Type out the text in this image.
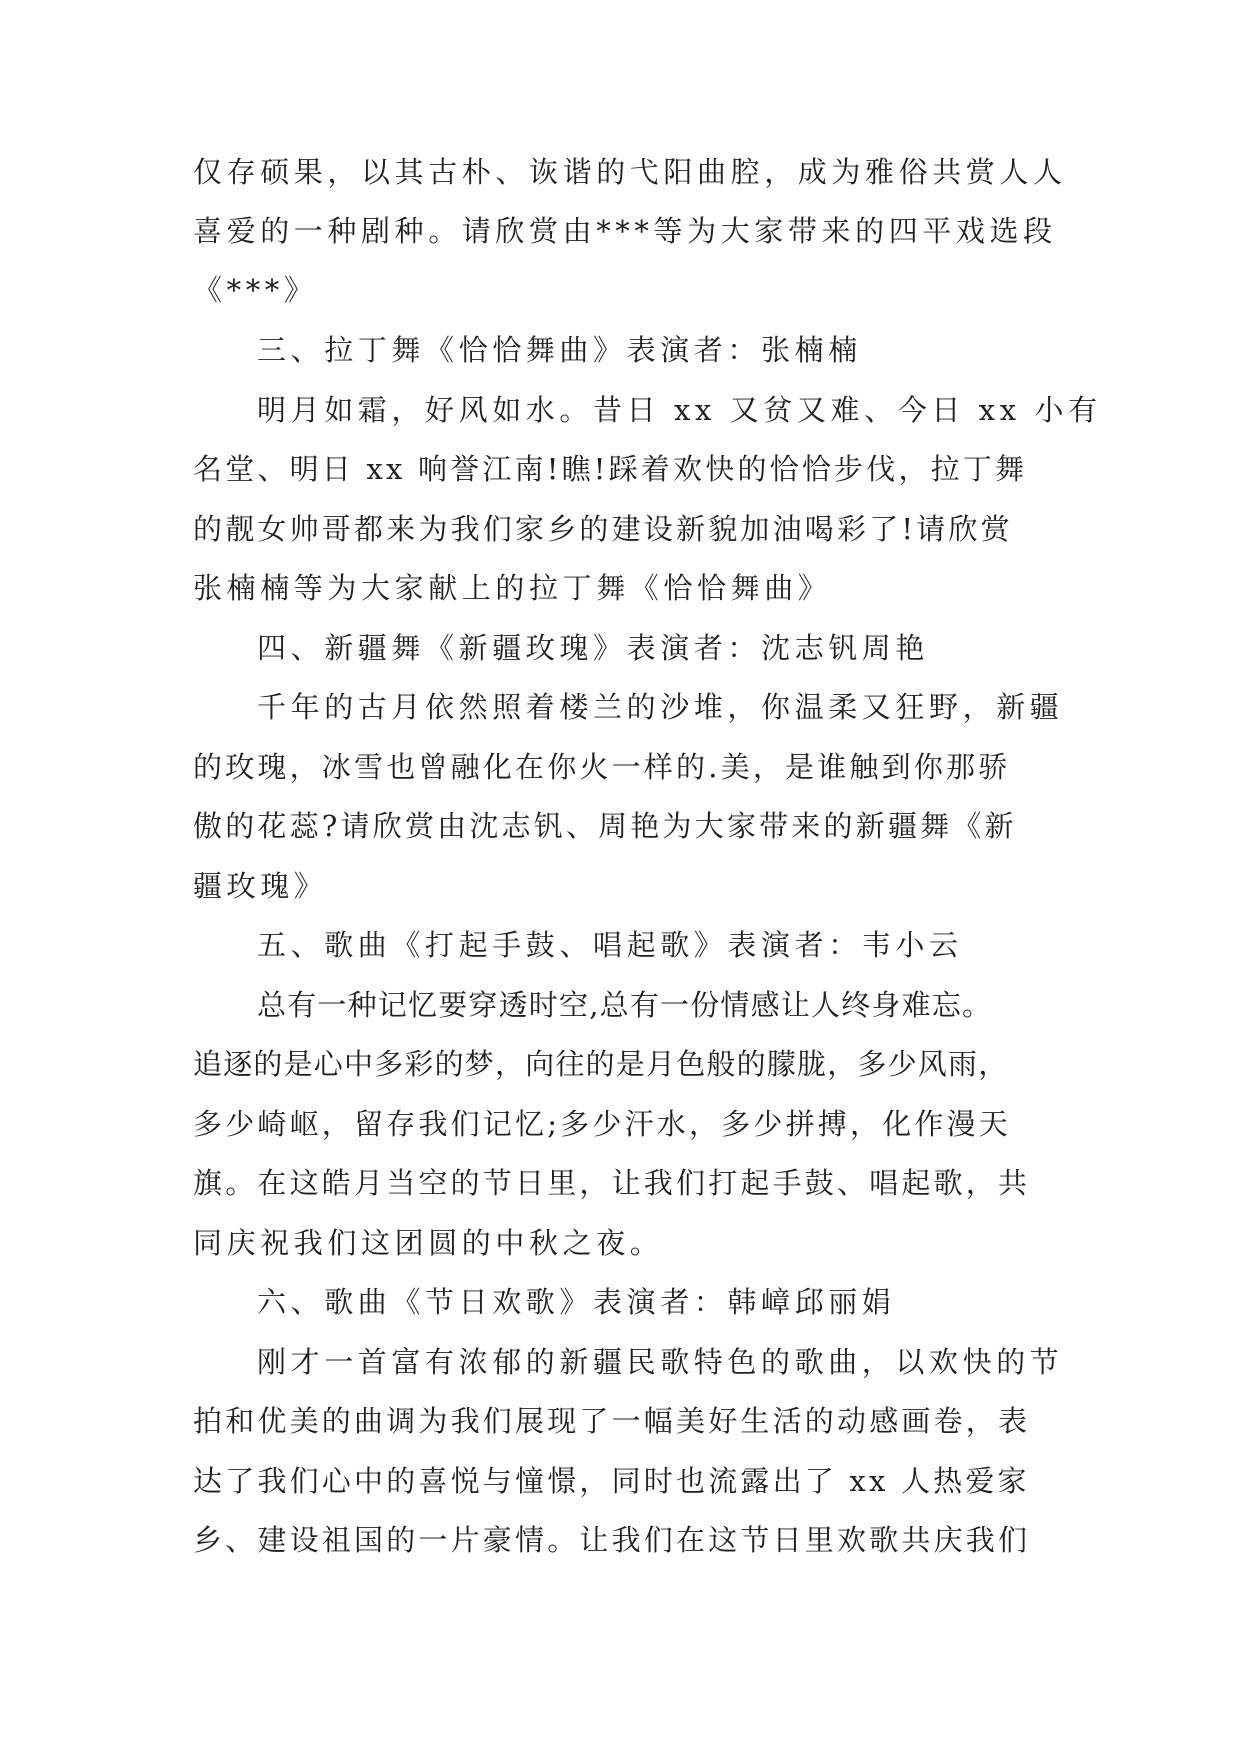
仅存硕果，以其古朴、诙谐的弋阳曲腔，成为雅俗共赏人人
喜爱的一种剧种。请欣赏由***等为大家带来的四平戏选段
《***》
三、拉丁舞《恰恰舞曲》表演者：张楠楠
明月如霜，好风如水。昔日 xx 又贫又难、今日 xx 小有
名堂、明日 xx 响誉江南!瞧!踩着欢快的恰恰步伐，拉丁舞
的靓女帅哥都来为我们家乡的建设新貌加油喝彩了!请欣赏
张楠楠等为大家献上的拉丁舞《恰恰舞曲》
四、新疆舞《新疆玫瑰》表演者：沈志钒周艳
千年的古月依然照着楼兰的沙堆，你温柔又狂野，新疆
的玫瑰，冰雪也曾融化在你火一样的.美，是谁触到你那骄
傲的花蕊?请欣赏由沈志钒、周艳为大家带来的新疆舞《新
疆玫瑰》
五、歌曲《打起手鼓、唱起歌》表演者：韦小云
总有一种记忆要穿透时空,总有一份情感让人终身难忘。
追逐的是心中多彩的梦，向往的是月色般的朦胧，多少风雨，
多少崎岖，留存我们记忆;多少汗水，多少拼搏，化作漫天
旗。在这皓月当空的节日里，让我们打起手鼓、唱起歌，共
同庆祝我们这团圆的中秋之夜。
六、歌曲《节日欢歌》表演者：韩嶂邱丽娟
刚才一首富有浓郁的新疆民歌特色的歌曲，以欢快的节
拍和优美的曲调为我们展现了一幅美好生活的动感画卷，表
达了我们心中的喜悦与憧憬，同时也流露出了 xx 人热爱家
乡、建设祖国的一片豪情。让我们在这节日里欢歌共庆我们
